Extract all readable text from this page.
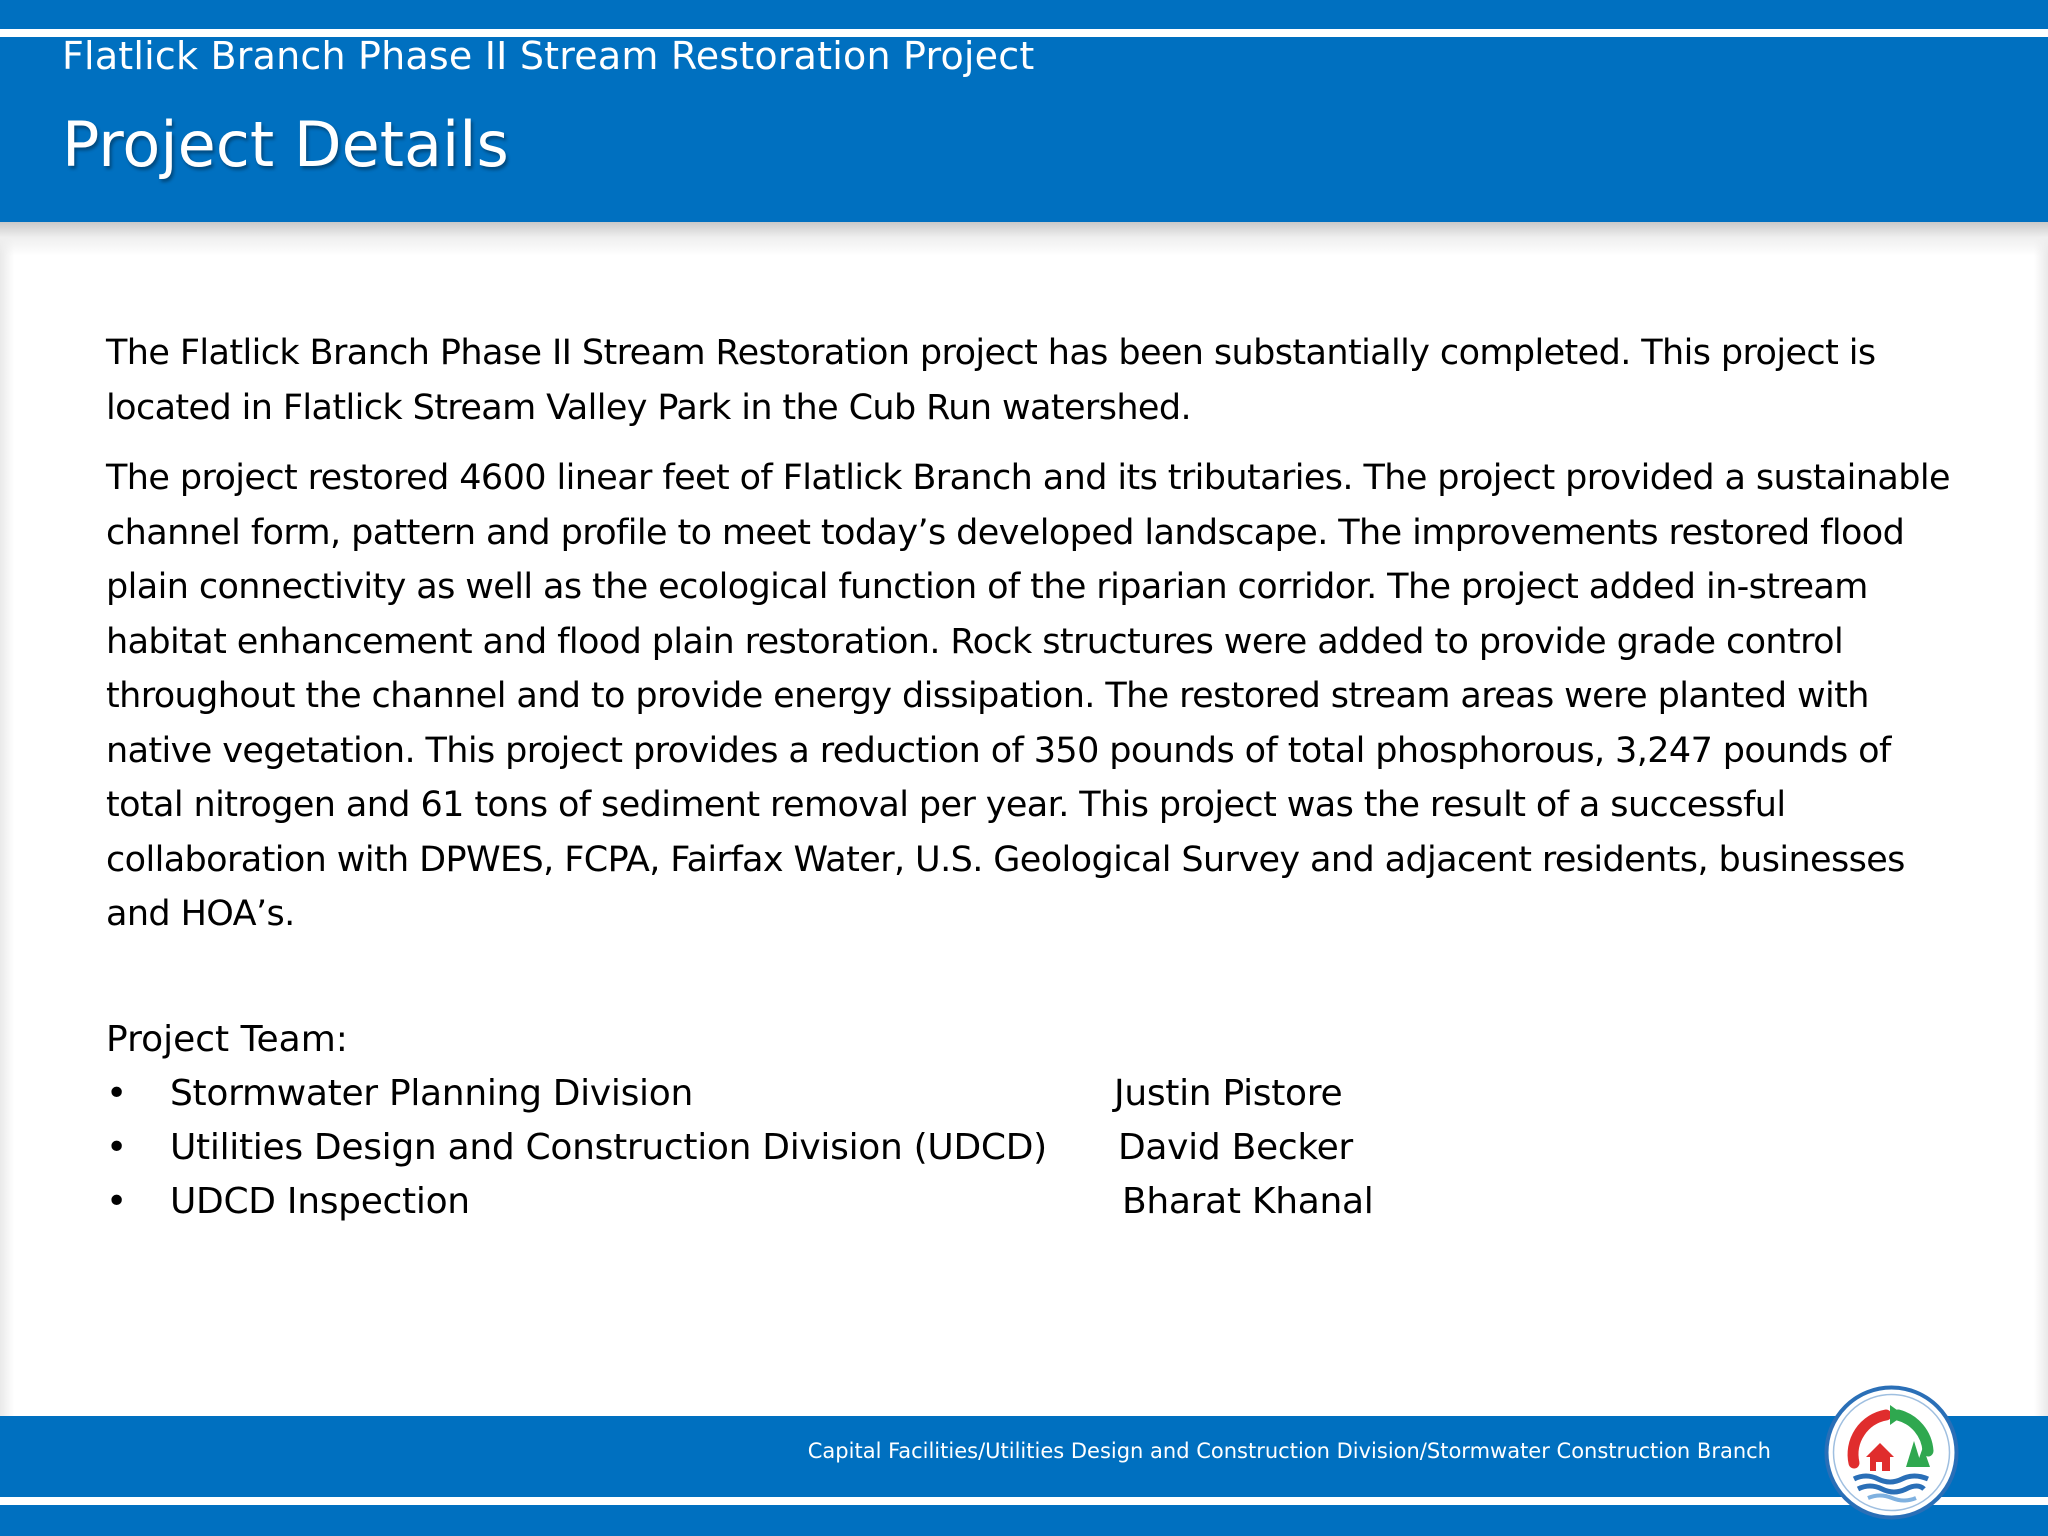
Flatlick Branch Phase II Stream Restoration Project
Project Details

The Flatlick Branch Phase II Stream Restoration project has been substantially completed. This project is located in Flatlick Stream Valley Park in the Cub Run watershed.

The project restored 4600 linear feet of Flatlick Branch and its tributaries. The project provided a sustainable channel form, pattern and profile to meet today’s developed landscape. The improvements restored flood plain connectivity as well as the ecological function of the riparian corridor. The project added in-stream habitat enhancement and flood plain restoration. Rock structures were added to provide grade control throughout the channel and to provide energy dissipation. The restored stream areas were planted with native vegetation. This project provides a reduction of 350 pounds of total phosphorous, 3,247 pounds of total nitrogen and 61 tons of sediment removal per year. This project was the result of a successful collaboration with DPWES, FCPA, Fairfax Water, U.S. Geological Survey and adjacent residents, businesses and HOA’s.

Project Team:
• Stormwater Planning Division	Justin Pistore
• Utilities Design and Construction Division (UDCD) David Becker
• UDCD Inspection	Bharat Khanal
Capital Facilities/Utilities Design and Construction Division/Stormwater Construction Branch
